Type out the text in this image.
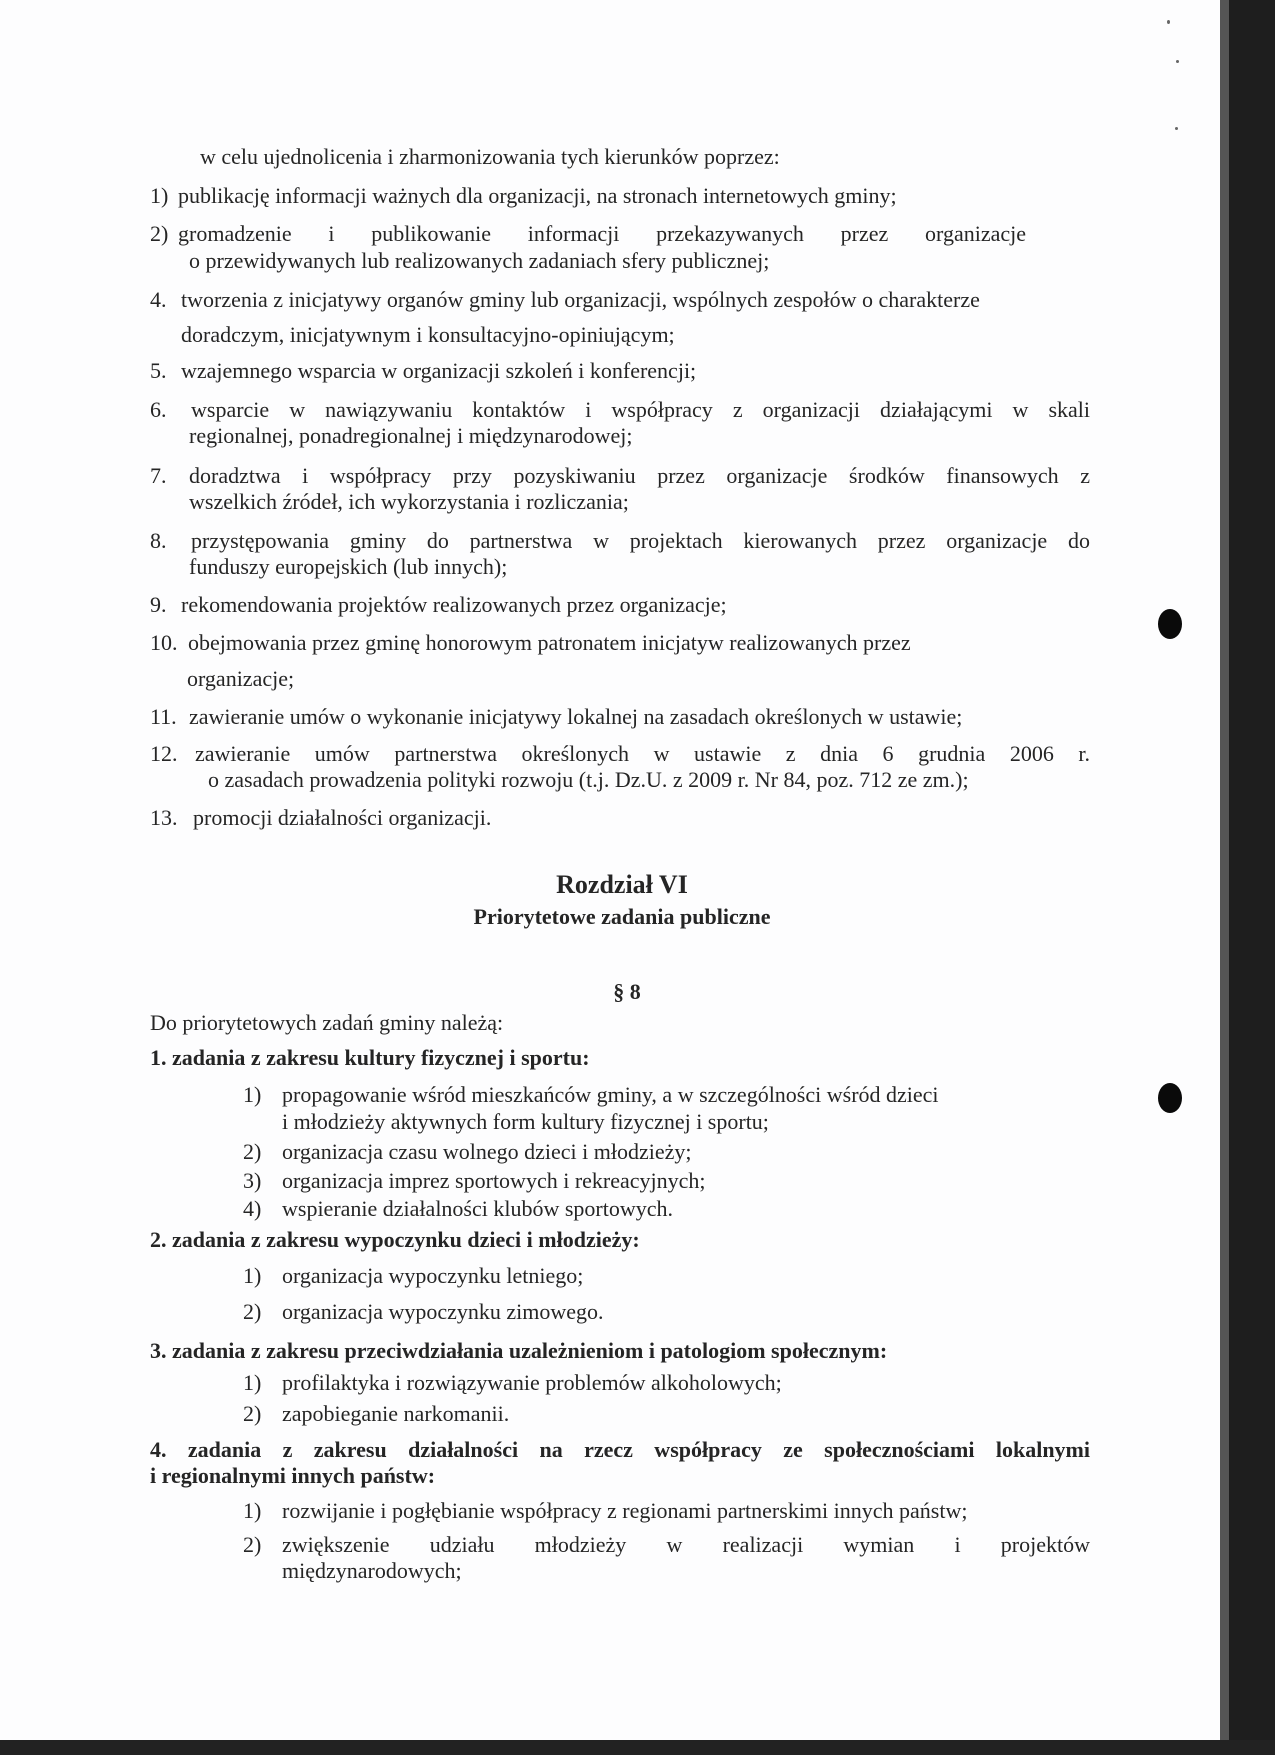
w celu ujednolicenia i zharmonizowania tych kierunków poprzez:
1) publikację informacji ważnych dla organizacji, na stronach internetowych gminy;
2) gromadzenie i publikowanie informacji przekazywanych przez organizacje
o przewidywanych lub realizowanych zadaniach sfery publicznej;
4. tworzenia z inicjatywy organów gminy lub organizacji, wspólnych zespołów o charakterze
doradczym, inicjatywnym i konsultacyjno-opiniującym;
5. wzajemnego wsparcia w organizacji szkoleń i konferencji;
6. wsparcie w nawiązywaniu kontaktów i współpracy z organizacji działającymi w skali
regionalnej, ponadregionalnej i międzynarodowej;
7. doradztwa i współpracy przy pozyskiwaniu przez organizacje środków finansowych z
wszelkich źródeł, ich wykorzystania i rozliczania;
8. przystępowania gminy do partnerstwa w projektach kierowanych przez organizacje do
funduszy europejskich (lub innych);
9. rekomendowania projektów realizowanych przez organizacje;
10. obejmowania przez gminę honorowym patronatem inicjatyw realizowanych przez
organizacje;
11. zawieranie umów o wykonanie inicjatywy lokalnej na zasadach określonych w ustawie;
12. zawieranie umów partnerstwa określonych w ustawie z dnia 6 grudnia 2006 r.
o zasadach prowadzenia polityki rozwoju (t.j. Dz.U. z 2009 r. Nr 84, poz. 712 ze zm.);
13. promocji działalności organizacji.
Rozdział VI
Priorytetowe zadania publiczne
§ 8
Do priorytetowych zadań gminy należą:
1. zadania z zakresu kultury fizycznej i sportu:
1) propagowanie wśród mieszkańców gminy, a w szczególności wśród dzieci
i młodzieży aktywnych form kultury fizycznej i sportu;
2) organizacja czasu wolnego dzieci i młodzieży;
3) organizacja imprez sportowych i rekreacyjnych;
4) wspieranie działalności klubów sportowych.
2. zadania z zakresu wypoczynku dzieci i młodzieży:
1) organizacja wypoczynku letniego;
2) organizacja wypoczynku zimowego.
3. zadania z zakresu przeciwdziałania uzależnieniom i patologiom społecznym:
1) profilaktyka i rozwiązywanie problemów alkoholowych;
2) zapobieganie narkomanii.
4. zadania z zakresu działalności na rzecz współpracy ze społecznościami lokalnymi
i regionalnymi innych państw:
1) rozwijanie i pogłębianie współpracy z regionami partnerskimi innych państw;
2) zwiększenie udziału młodzieży w realizacji wymian i projektów
międzynarodowych;
